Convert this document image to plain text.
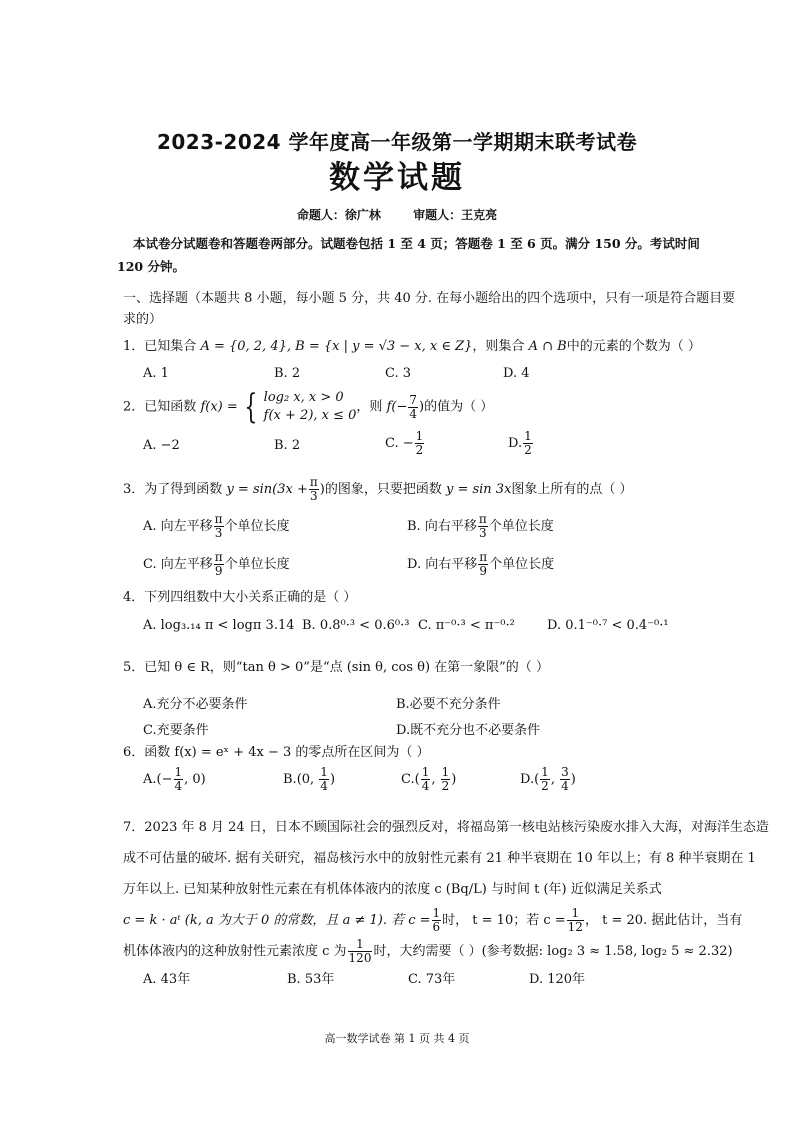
2023-2024 学年度高一年级第一学期期末联考试卷
数学试题
命题人：徐广林	审题人：王克亮

本试卷分试题卷和答题卷两部分。试题卷包括 1 至 4 页；答题卷 1 至 6 页。满分 150 分。考试时间

120 分钟。

一、选择题（本题共 8 小题，每小题 5 分，共 40 分. 在每小题给出的四个选项中，只有一项是符合题目要

求的）

1．已知集合 A = {0, 2, 4}, B = {x | y = √3 − x, x ∈ Z}，则集合 A ∩ B中的元素的个数为（ ）
A. 1	B. 2	C. 3	D. 4
2．已知函数 f(x) = { log₂ x, x > 0
f(x + 2), x ≤ 0
，则 $f(- \frac{7}{4}$ )的值为（ ）
A. −2	B. 2	C. − $\frac{1}{2}$	D. $\frac{1}{2}$
3．为了得到函数 $y = \sin(3x + \frac{\pi}{3}$ )的图象，只要把函数 y = sin 3x图象上所有的点（ ）
A. 向左平移 $\frac{\pi}{3}$ 个单位长度	B. 向右平移 $\frac{\pi}{3}$ 个单位长度
C. 向左平移 $\frac{\pi}{9}$ 个单位长度	D. 向右平移 $\frac{\pi}{9}$ 个单位长度
4．下列四组数中大小关系正确的是（ ）
A. log₃.₁₄ π < logπ 3.14 B. 0.8⁰·³ < 0.6⁰·³ C. π⁻⁰·³ < π⁻⁰·² D. 0.1⁻⁰·⁷ < 0.4⁻⁰·¹
5．已知 θ ∈ R，则“tan θ > 0”是“点 (sin θ, cos θ) 在第一象限”的（ ）
A.充分不必要条件	B.必要不充分条件
C.充要条件	D.既不充分也不必要条件
6．函数 f(x) = eˣ + 4x − 3 的零点所在区间为（ ）
$A.(- \frac{1}{4}$ , 0)	B.(0, $\frac{1}{4}$ )	$C.( \frac{1}{4}$ , $\frac{1}{2}$ )	$D.( \frac{1}{2}$ , $\frac{3}{4}$ )

7．2023 年 8 月 24 日，日本不顾国际社会的强烈反对，将福岛第一核电站核污染废水排入大海，对海洋生态造

成不可估量的破坏. 据有关研究，福岛核污水中的放射性元素有 21 种半衰期在 10 年以上；有 8 种半衰期在 1

万年以上. 已知某种放射性元素在有机体体液内的浓度 c (Bq/L) 与时间 t (年) 近似满足关系式

c = k · aᵗ (k, a 为大于 0 的常数，且 a ≠ 1). 若 $c = \frac{1}{6}$ 时， t = 10；若 $c = \frac{1}{12}$ ， t = 20. 据此估计，当有

机体体液内的这种放射性元素浓度 c 为 $\frac{1}{120}$ 时，大约需要（ ）(参考数据: log₂ 3 ≈ 1.58, log₂ 5 ≈ 2.32)

A. 43年	B. 53年	C. 73年	D. 120年
高一数学试卷 第 1 页 共 4 页
